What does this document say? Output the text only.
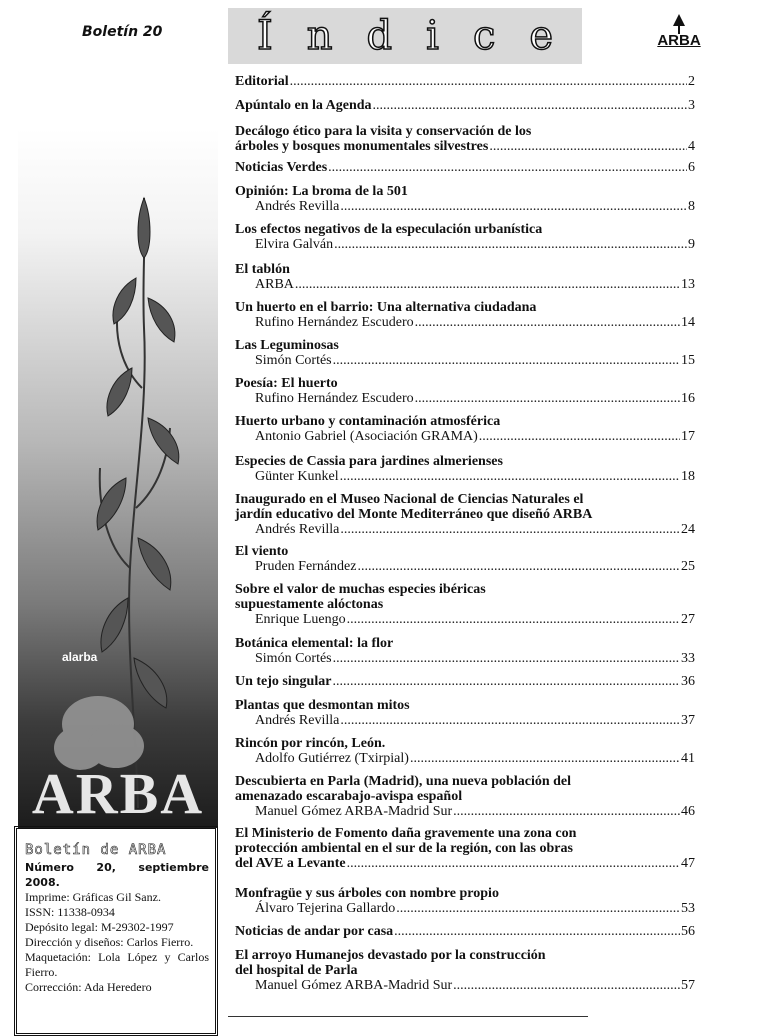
Boletín 20	Índice	ARBA
alarba
ARBA
Boletín de ARBA
Número 20, septiembre 2008.
Imprime: Gráficas Gil Sanz.
ISSN: 11338-0934
Depósito legal: M-29302-1997
Dirección y diseños: Carlos Fierro.
Maquetación: Lola López y Carlos Fierro.
Corrección: Ada Heredero
Editorial .....	2
Apúntalo en la Agenda .....	3
Decálogo ético para la visita y conservación de los
árboles y bosques monumentales silvestres .....	4
Noticias Verdes .....	6
Opinión: La broma de la 501
Andrés Revilla .....	8
Los efectos negativos de la especulación urbanística
Elvira Galván .....	9
El tablón
ARBA .....	13
Un huerto en el barrio: Una alternativa ciudadana
Rufino Hernández Escudero .....	14
Las Leguminosas
Simón Cortés .....	15
Poesía: El huerto
Rufino Hernández Escudero .....	16
Huerto urbano y contaminación atmosférica
Antonio Gabriel (Asociación GRAMA) .....	17
Especies de Cassia para jardines almerienses
Günter Kunkel .....	18
Inaugurado en el Museo Nacional de Ciencias Naturales el
jardín educativo del Monte Mediterráneo que diseñó ARBA
Andrés Revilla .....	24
El viento
Pruden Fernández .....	25
Sobre el valor de muchas especies ibéricas
supuestamente alóctonas
Enrique Luengo .....	27
Botánica elemental: la flor
Simón Cortés .....	33
Un tejo singular .....	36
Plantas que desmontan mitos
Andrés Revilla .....	37
Rincón por rincón, León.
Adolfo Gutiérrez (Txirpial) .....	41
Descubierta en Parla (Madrid), una nueva población del
amenazado escarabajo-avispa español
Manuel Gómez ARBA-Madrid Sur .....	46
El Ministerio de Fomento daña gravemente una zona con
protección ambiental en el sur de la región, con las obras
del AVE a Levante .....	47
Monfragüe y sus árboles con nombre propio
Álvaro Tejerina Gallardo .....	53
Noticias de andar por casa .....	56
El arroyo Humanejos devastado por la construcción
del hospital de Parla
Manuel Gómez ARBA-Madrid Sur .....	57
